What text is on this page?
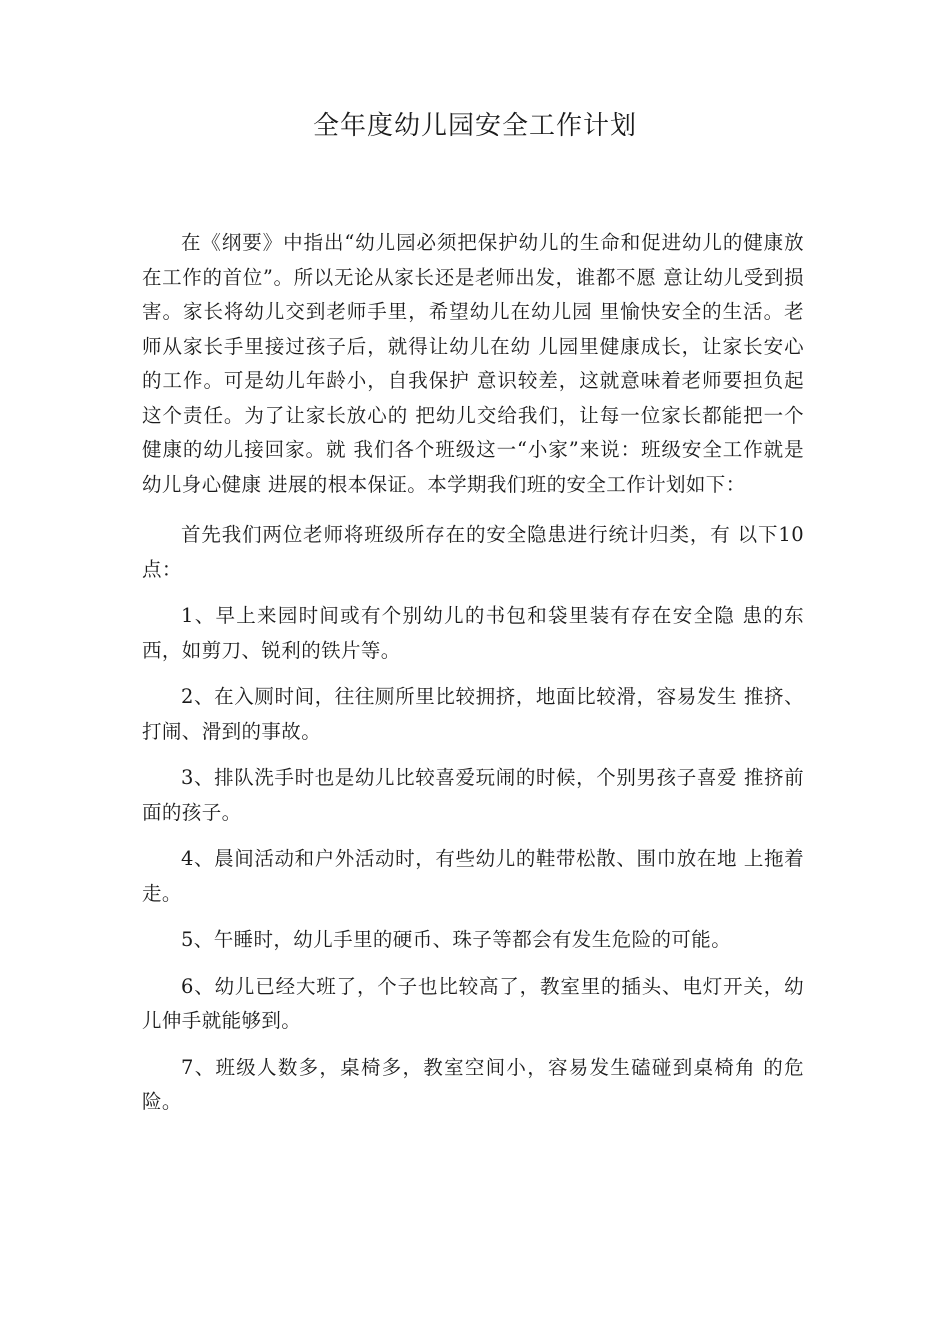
全年度幼儿园安全工作计划

在《纲要》中指出“幼儿园必须把保护幼儿的生命和促进幼儿的健康放在工作的首位”。所以无论从家长还是老师出发，谁都不愿 意让幼儿受到损害。家长将幼儿交到老师手里，希望幼儿在幼儿园 里愉快安全的生活。老师从家长手里接过孩子后，就得让幼儿在幼 儿园里健康成长，让家长安心的工作。可是幼儿年龄小，自我保护 意识较差，这就意味着老师要担负起这个责任。为了让家长放心的 把幼儿交给我们，让每一位家长都能把一个健康的幼儿接回家。就 我们各个班级这一“小家”来说：班级安全工作就是幼儿身心健康 进展的根本保证。本学期我们班的安全工作计划如下：

首先我们两位老师将班级所存在的安全隐患进行统计归类，有 以下10点：

1、早上来园时间或有个别幼儿的书包和袋里装有存在安全隐 患的东西，如剪刀、锐利的铁片等。

2、在入厕时间，往往厕所里比较拥挤，地面比较滑，容易发生 推挤、打闹、滑到的事故。

3、排队洗手时也是幼儿比较喜爱玩闹的时候，个别男孩子喜爱 推挤前面的孩子。

4、晨间活动和户外活动时，有些幼儿的鞋带松散、围巾放在地 上拖着走。

5、午睡时，幼儿手里的硬币、珠子等都会有发生危险的可能。

6、幼儿已经大班了，个子也比较高了，教室里的插头、电灯开关，幼儿伸手就能够到。

7、班级人数多，桌椅多，教室空间小，容易发生磕碰到桌椅角 的危险。
